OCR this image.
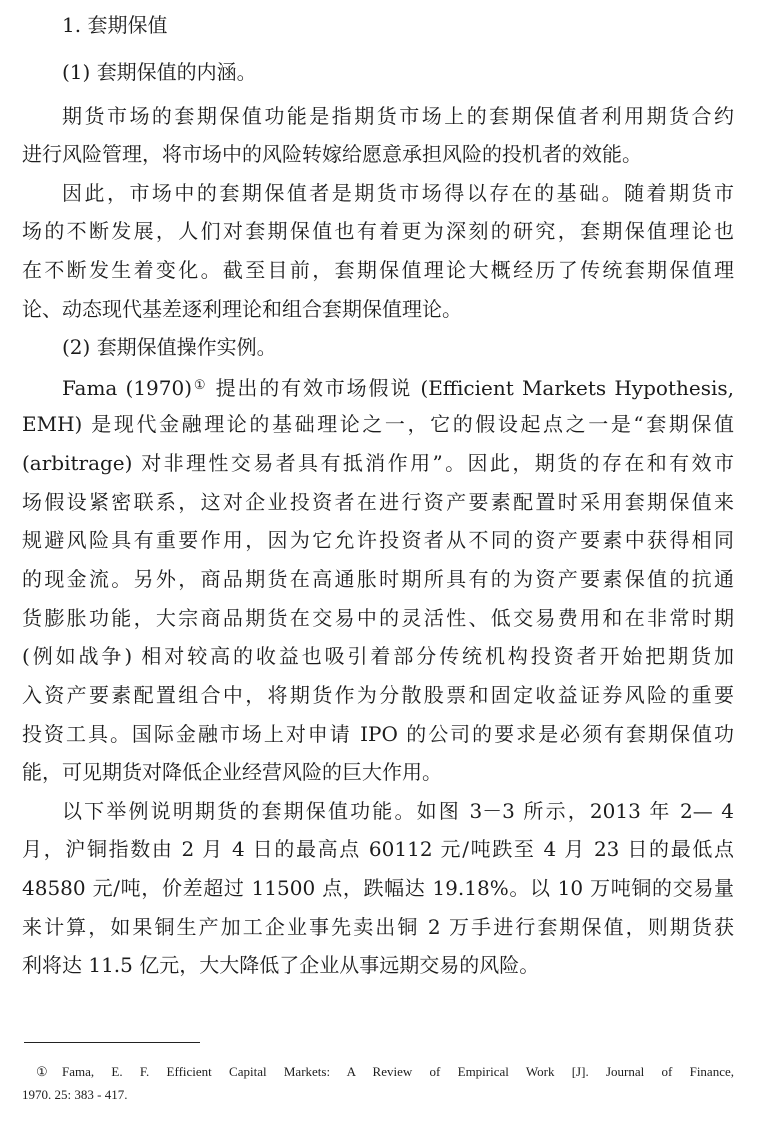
1. 套期保值
(1) 套期保值的内涵。
期货市场的套期保值功能是指期货市场上的套期保值者利用期货合约
进行风险管理，将市场中的风险转嫁给愿意承担风险的投机者的效能。
因此，市场中的套期保值者是期货市场得以存在的基础。随着期货市
场的不断发展，人们对套期保值也有着更为深刻的研究，套期保值理论也
在不断发生着变化。截至目前，套期保值理论大概经历了传统套期保值理
论、动态现代基差逐利理论和组合套期保值理论。
(2) 套期保值操作实例。
Fama (1970)① 提出的有效市场假说 (Efficient Markets Hypothesis,
EMH) 是现代金融理论的基础理论之一，它的假设起点之一是“套期保值
(arbitrage) 对非理性交易者具有抵消作用”。因此，期货的存在和有效市
场假设紧密联系，这对企业投资者在进行资产要素配置时采用套期保值来
规避风险具有重要作用，因为它允许投资者从不同的资产要素中获得相同
的现金流。另外，商品期货在高通胀时期所具有的为资产要素保值的抗通
货膨胀功能，大宗商品期货在交易中的灵活性、低交易费用和在非常时期
(例如战争) 相对较高的收益也吸引着部分传统机构投资者开始把期货加
入资产要素配置组合中，将期货作为分散股票和固定收益证券风险的重要
投资工具。国际金融市场上对申请 IPO 的公司的要求是必须有套期保值功
能，可见期货对降低企业经营风险的巨大作用。
以下举例说明期货的套期保值功能。如图 3－3 所示，2013 年 2— 4
月，沪铜指数由 2 月 4 日的最高点 60112 元/吨跌至 4 月 23 日的最低点
48580 元/吨，价差超过 11500 点，跌幅达 19.18%。以 10 万吨铜的交易量
来计算，如果铜生产加工企业事先卖出铜 2 万手进行套期保值，则期货获
利将达 11.5 亿元，大大降低了企业从事远期交易的风险。
① Fama, E. F. Efficient Capital Markets: A Review of Empirical Work [J]. Journal of Finance,
1970. 25: 383 - 417.
